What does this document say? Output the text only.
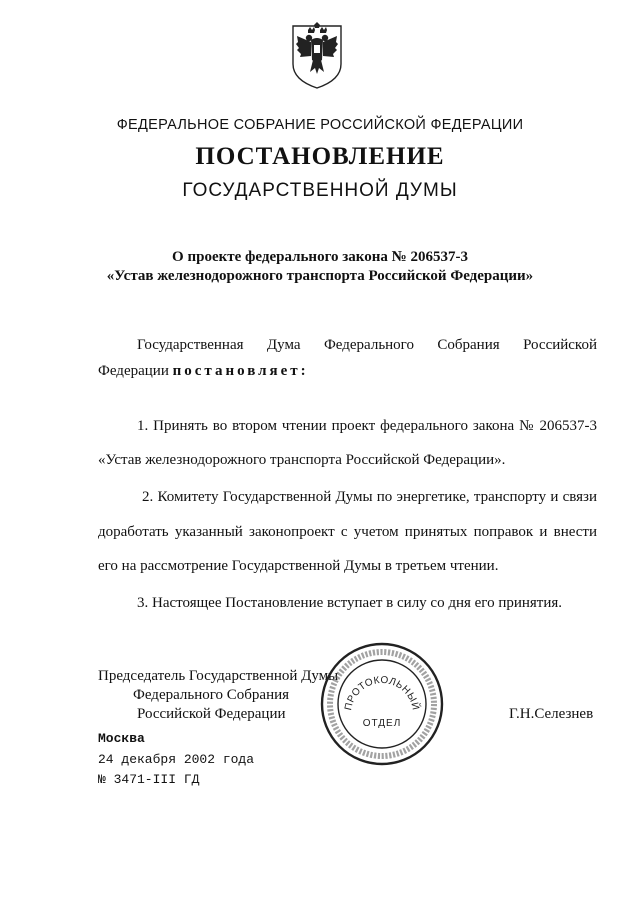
ФЕДЕРАЛЬНОЕ СОБРАНИЕ РОССИЙСКОЙ ФЕДЕРАЦИИ
ПОСТАНОВЛЕНИЕ
ГОСУДАРСТВЕННОЙ ДУМЫ
О проекте федерального закона № 206537-3
«Устав железнодорожного транспорта Российской Федерации»
Государственная Дума Федерального Собрания Российской
Федерации постановляет:
1. Принять во втором чтении проект федерального закона № 206537-3
«Устав железнодорожного транспорта Российской Федерации».
2. Комитету Государственной Думы по энергетике, транспорту и связи
доработать указанный законопроект с учетом принятых поправок и внести
его на рассмотрение Государственной Думы в третьем чтении.
3. Настоящее Постановление вступает в силу со дня его принятия.
Председатель Государственной Думы
Федерального Собрания
Российской Федерации	Г.Н.Селезнев
ПРОТОКОЛЬНЫЙ
ОТДЕЛ
Москва
24 декабря 2002 года
№ 3471-III ГД
